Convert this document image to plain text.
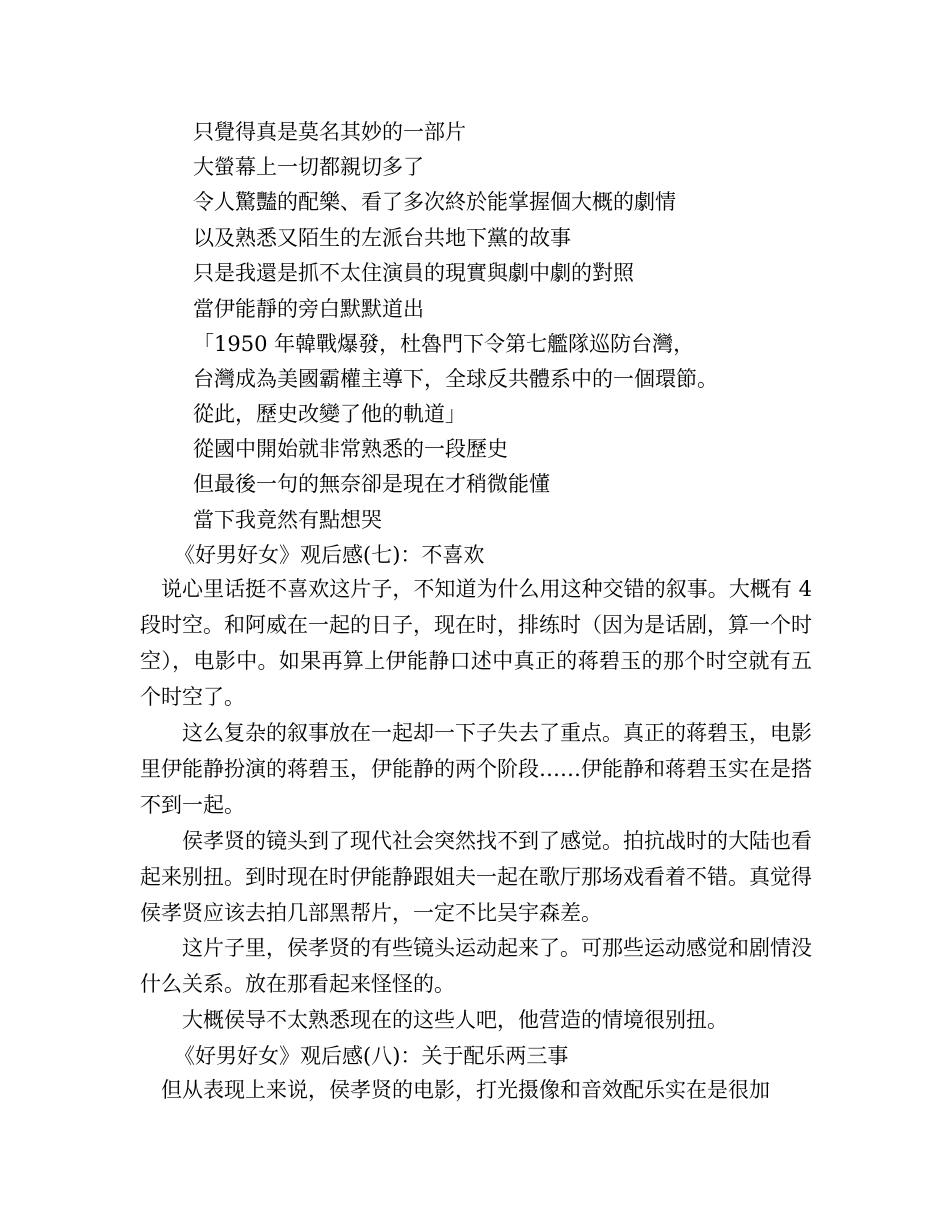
只覺得真是莫名其妙的一部片
大螢幕上一切都親切多了
令人驚豔的配樂、看了多次終於能掌握個大概的劇情
以及熟悉又陌生的左派台共地下黨的故事
只是我還是抓不太住演員的現實與劇中劇的對照
當伊能靜的旁白默默道出
「1950 年韓戰爆發，杜魯門下令第七艦隊巡防台灣，
台灣成為美國霸權主導下，全球反共體系中的一個環節。
從此，歷史改變了他的軌道」
從國中開始就非常熟悉的一段歷史
但最後一句的無奈卻是現在才稍微能懂
當下我竟然有點想哭
《好男好女》观后感(七)：不喜欢
　说心里话挺不喜欢这片子，不知道为什么用这种交错的叙事。大概有 4 段时空。和阿威在一起的日子，现在时，排练时（因为是话剧，算一个时空），电影中。如果再算上伊能静口述中真正的蒋碧玉的那个时空就有五个时空了。
　　这么复杂的叙事放在一起却一下子失去了重点。真正的蒋碧玉，电影里伊能静扮演的蒋碧玉，伊能静的两个阶段……伊能静和蒋碧玉实在是搭不到一起。
　　侯孝贤的镜头到了现代社会突然找不到了感觉。拍抗战时的大陆也看起来别扭。到时现在时伊能静跟姐夫一起在歌厅那场戏看着不错。真觉得侯孝贤应该去拍几部黑帮片，一定不比吴宇森差。
　　这片子里，侯孝贤的有些镜头运动起来了。可那些运动感觉和剧情没什么关系。放在那看起来怪怪的。
　　大概侯导不太熟悉现在的这些人吧，他营造的情境很别扭。
《好男好女》观后感(八)：关于配乐两三事
　但从表现上来说，侯孝贤的电影，打光摄像和音效配乐实在是很加
